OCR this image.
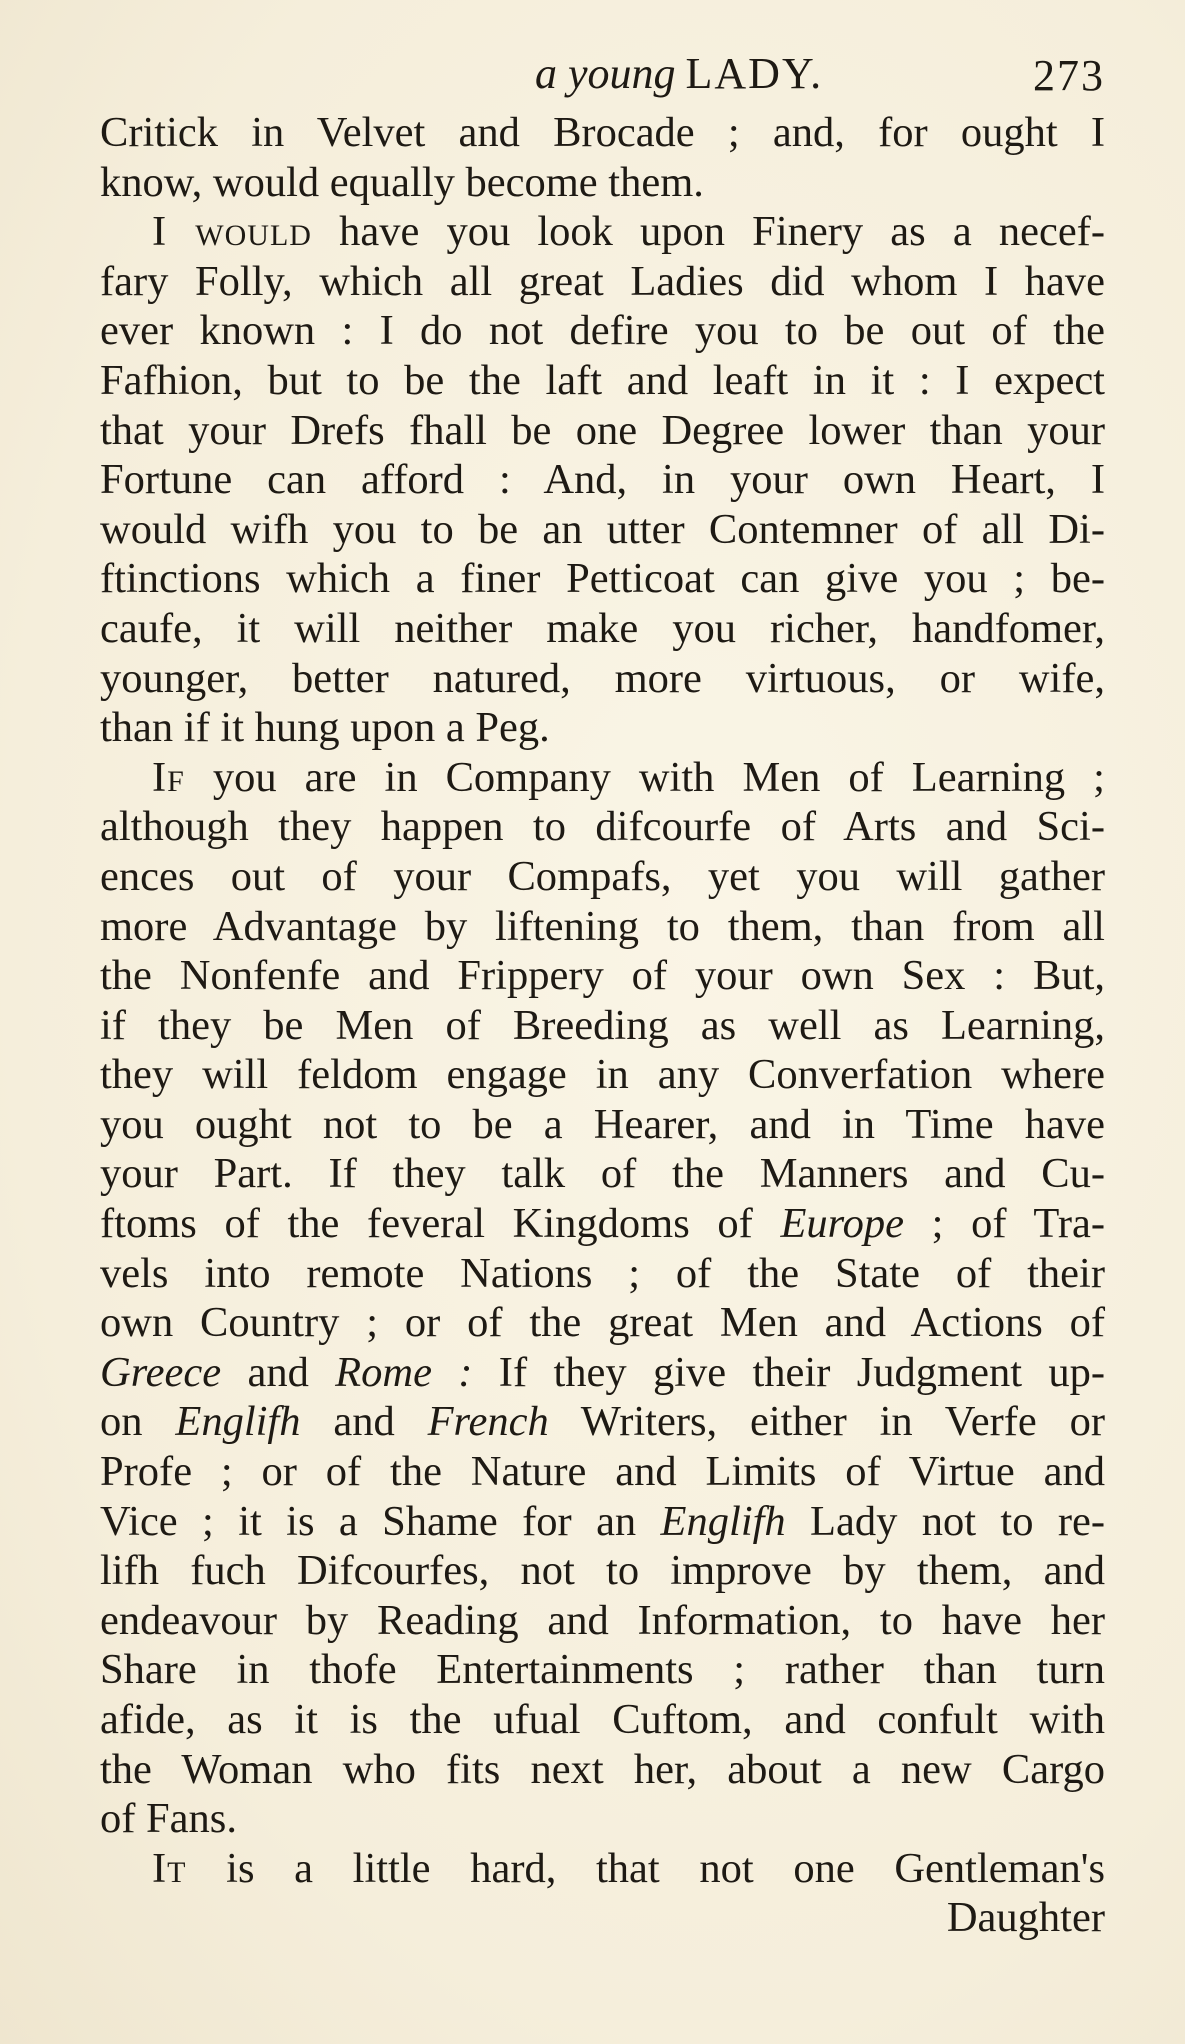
a young LADY.	273
Critick in Velvet and Brocade ; and, for ought I
know, would equally become them.
I would have you look upon Finery as a necef-
fary Folly, which all great Ladies did whom I have
ever known : I do not defire you to be out of the
Fafhion, but to be the laft and leaft in it : I expect
that your Drefs fhall be one Degree lower than your
Fortune can afford : And, in your own Heart, I
would wifh you to be an utter Contemner of all Di-
ftinctions which a finer Petticoat can give you ; be-
caufe, it will neither make you richer, handfomer,
younger, better natured, more virtuous, or wife,
than if it hung upon a Peg.
If you are in Company with Men of Learning ;
although they happen to difcourfe of Arts and Sci-
ences out of your Compafs, yet you will gather
more Advantage by liftening to them, than from all
the Nonfenfe and Frippery of your own Sex : But,
if they be Men of Breeding as well as Learning,
they will feldom engage in any Converfation where
you ought not to be a Hearer, and in Time have
your Part. If they talk of the Manners and Cu-
ftoms of the feveral Kingdoms of Europe ; of Tra-
vels into remote Nations ; of the State of their
own Country ; or of the great Men and Actions of
Greece and Rome : If they give their Judgment up-
on Englifh and French Writers, either in Verfe or
Profe ; or of the Nature and Limits of Virtue and
Vice ; it is a Shame for an Englifh Lady not to re-
lifh fuch Difcourfes, not to improve by them, and
endeavour by Reading and Information, to have her
Share in thofe Entertainments ; rather than turn
afide, as it is the ufual Cuftom, and confult with
the Woman who fits next her, about a new Cargo
of Fans.
It is a little hard, that not one Gentleman's
Daughter
